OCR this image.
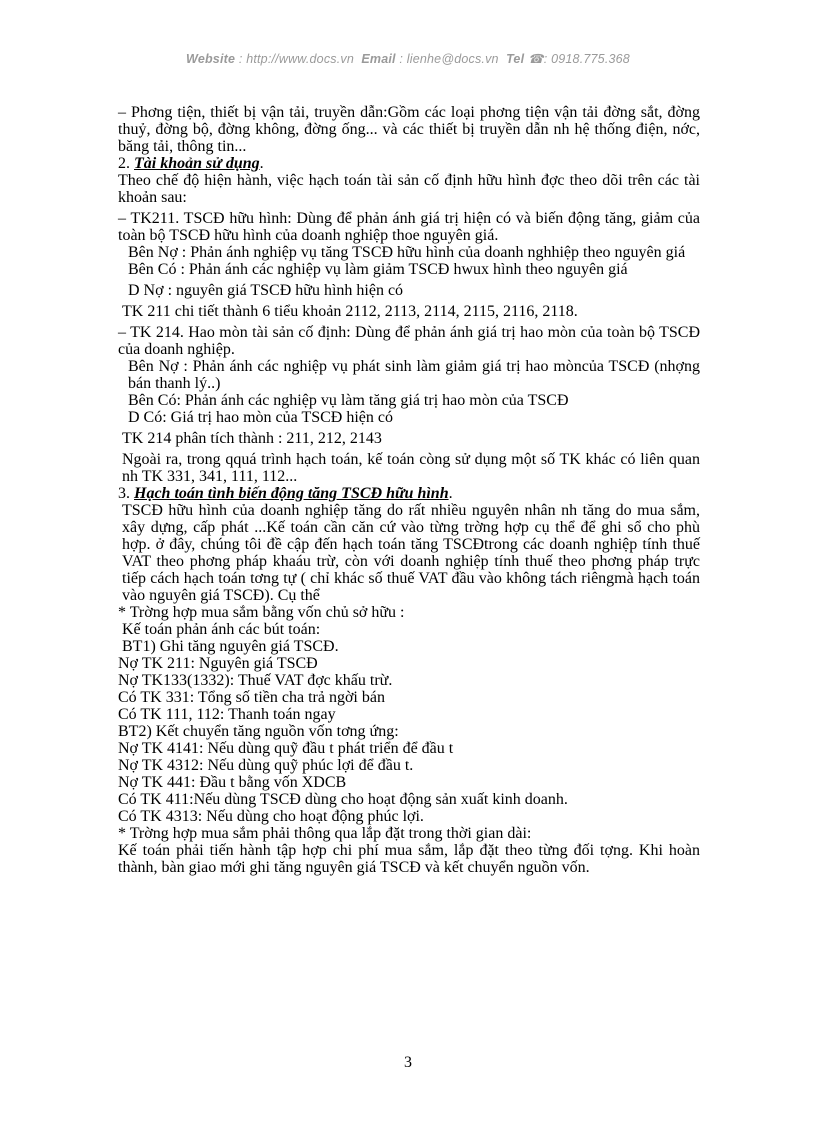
Website : http://www.docs.vn Email : lienhe@docs.vn Tel ☎: 0918.775.368

– Phơng tiện, thiết bị vận tải, truyền dẫn:Gồm các loại phơng tiện vận tải đờng sắt, đờng thuỷ, đờng bộ, đờng không, đờng ống... và các thiết bị truyền dẫn nh hệ thống điện, nớc, băng tải, thông tin...

2. Tài khoản sử dụng.

Theo chế độ hiện hành, việc hạch toán tài sản cố định hữu hình đợc theo dõi trên các tài khoản sau:

– TK211. TSCĐ hữu hình: Dùng để phản ánh giá trị hiện có và biến động tăng, giảm của toàn bộ TSCĐ hữu hình của doanh nghiệp thoe nguyên giá.

Bên Nợ : Phản ánh nghiệp vụ tăng TSCĐ hữu hình của doanh nghhiệp theo nguyên giá

Bên Có : Phản ánh các nghiệp vụ làm giảm TSCĐ hwux hình theo nguyên giá

D Nợ : nguyên giá TSCĐ hữu hình hiện có

TK 211 chi tiết thành 6 tiểu khoản 2112, 2113, 2114, 2115, 2116, 2118.

– TK 214. Hao mòn tài sản cố định: Dùng để phản ánh giá trị hao mòn của toàn bộ TSCĐ của doanh nghiệp.

Bên Nợ : Phản ánh các nghiệp vụ phát sinh làm giảm giá trị hao mòncủa TSCĐ (nhợng bán thanh lý..)

Bên Có: Phản ánh các nghiệp vụ làm tăng giá trị hao mòn của TSCĐ

D Có: Giá trị hao mòn của TSCĐ hiện có

TK 214 phân tích thành : 211, 212, 2143

Ngoài ra, trong qquá trình hạch toán, kế toán còng sử dụng một số TK khác có liên quan nh TK 331, 341, 111, 112...

3. Hạch toán tình biến động tăng TSCĐ hữu hình.

TSCĐ hữu hình của doanh nghiệp tăng do rất nhiều nguyên nhân nh tăng do mua sắm, xây dựng, cấp phát ...Kế toán cần căn cứ vào từng trờng hợp cụ thể để ghi sổ cho phù hợp. ở đây, chúng tôi đề cập đến hạch toán tăng TSCĐtrong các doanh nghiệp tính thuế VAT theo phơng pháp khaáu trừ, còn với doanh nghiệp tính thuế theo phơng pháp trực tiếp cách hạch toán tơng tự ( chỉ khác số thuế VAT đầu vào không tách riêngmà hạch toán vào nguyên giá TSCĐ). Cụ thể

* Trờng hợp mua sắm bằng vốn chủ sở hữu :

Kế toán phản ánh các bút toán:

BT1) Ghi tăng nguyên giá TSCĐ.

Nợ TK 211: Nguyên giá TSCĐ

Nợ TK133(1332): Thuế VAT đợc khấu trừ.

Có TK 331: Tổng số tiền cha trả ngời bán

Có TK 111, 112: Thanh toán ngay

BT2) Kết chuyển tăng nguồn vốn tơng ứng:

Nợ TK 4141: Nếu dùng quỹ đầu t phát triển để đầu t

Nợ TK 4312: Nếu dùng quỹ phúc lợi để đầu t.

Nợ TK 441: Đầu t bằng vốn XDCB

Có TK 411:Nếu dùng TSCĐ dùng cho hoạt động sản xuất kinh doanh.

Có TK 4313: Nếu dùng cho hoạt động phúc lợi.

* Trờng hợp mua sắm phải thông qua lắp đặt trong thời gian dài:

Kế toán phải tiến hành tập hợp chi phí mua sắm, lắp đặt theo từng đối tợng. Khi hoàn thành, bàn giao mới ghi tăng nguyên giá TSCĐ và kết chuyển nguồn vốn.

3
